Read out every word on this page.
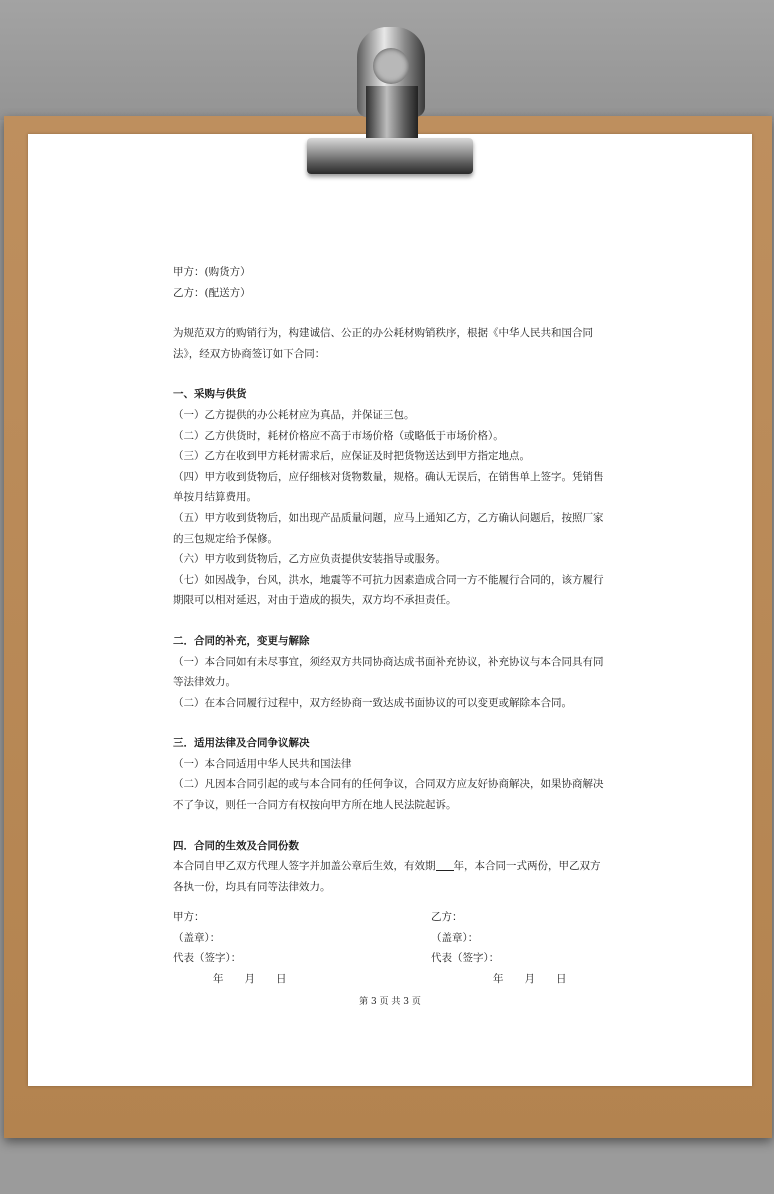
甲方：(购货方）

乙方：(配送方）

为规范双方的购销行为，构建诚信、公正的办公耗材购销秩序，根据《中华人民共和国合同法》，经双方协商签订如下合同：

一、采购与供货

（一）乙方提供的办公耗材应为真品，并保证三包。

（二）乙方供货时，耗材价格应不高于市场价格（或略低于市场价格）。

（三）乙方在收到甲方耗材需求后，应保证及时把货物送达到甲方指定地点。

（四）甲方收到货物后，应仔细核对货物数量，规格。确认无误后，在销售单上签字。凭销售单按月结算费用。

（五）甲方收到货物后，如出现产品质量问题，应马上通知乙方，乙方确认问题后，按照厂家的三包规定给予保修。

（六）甲方收到货物后，乙方应负责提供安装指导或服务。

（七）如因战争，台风，洪水，地震等不可抗力因素造成合同一方不能履行合同的，该方履行期限可以相对延迟，对由于造成的损失，双方均不承担责任。

二．合同的补充，变更与解除

（一）本合同如有未尽事宜，须经双方共同协商达成书面补充协议，补充协议与本合同具有同等法律效力。

（二）在本合同履行过程中，双方经协商一致达成书面协议的可以变更或解除本合同。

三．适用法律及合同争议解决

（一）本合同适用中华人民共和国法律

（二）凡因本合同引起的或与本合同有的任何争议，合同双方应友好协商解决，如果协商解决不了争议，则任一合同方有权按向甲方所在地人民法院起诉。

四．合同的生效及合同份数

本合同自甲乙双方代理人签字并加盖公章后生效，有效期 年，本合同一式两份，甲乙双方各执一份，均具有同等法律效力。

甲方：

（盖章）：

代表（签字）：

年　　月　　日

乙方：

（盖章）：

代表（签字）：

年　　月　　日

第 3 页 共 3 页
